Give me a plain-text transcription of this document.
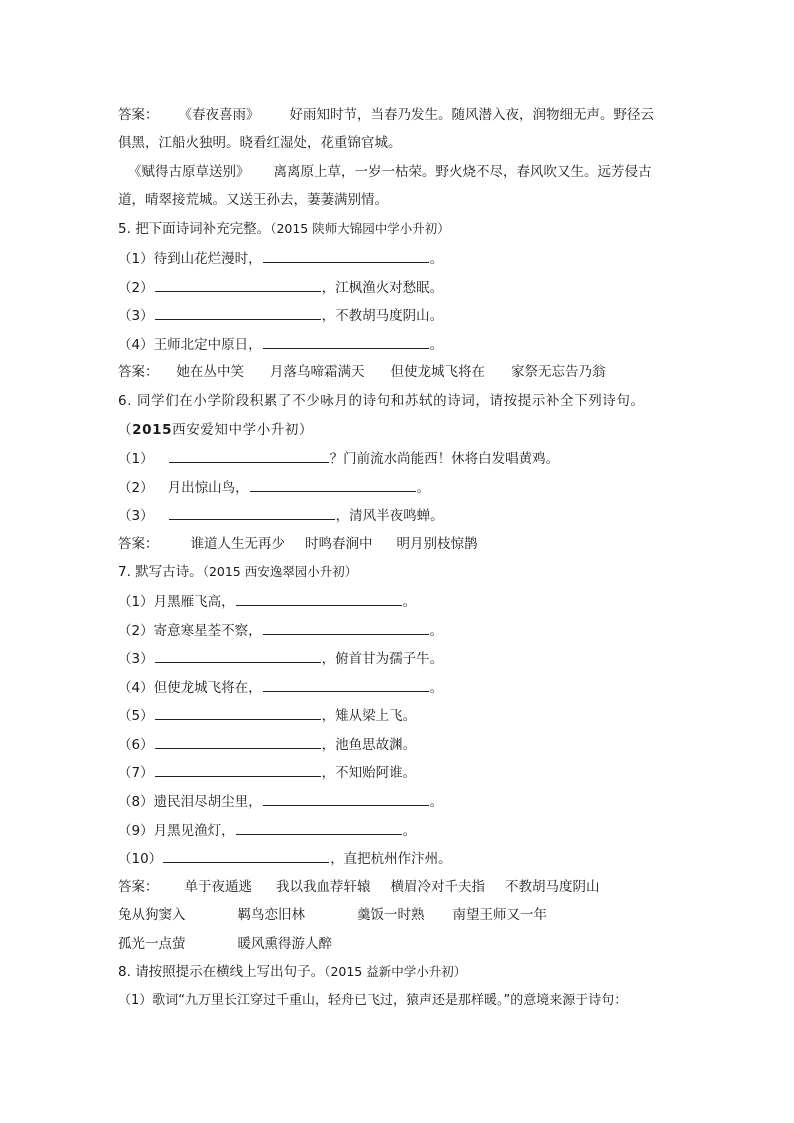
答案： 《春夜喜雨》 好雨知时节，当春乃发生。随风潜入夜，润物细无声。野径云
俱黑，江船火独明。晓看红湿处，花重锦官城。
《赋得古原草送别》 离离原上草，一岁一枯荣。野火烧不尽，春风吹又生。远芳侵古
道，晴翠接荒城。又送王孙去，萋萋满别情。
5. 把下面诗词补充完整。（2015 陕师大锦园中学小升初）
（1）待到山花烂漫时，	。
（2）	，江枫渔火对愁眠。
（3）	，不教胡马度阴山。
（4）王师北定中原日，	。
答案： 她在丛中笑 月落乌啼霜满天 但使龙城飞将在 家祭无忘告乃翁
6. 同学们在小学阶段积累了不少咏月的诗句和苏轼的诗词，请按提示补全下列诗句。（2015西安爱知中学小升初）
（1）	？门前流水尚能西！休将白发唱黄鸡。
（2） 月出惊山鸟，	。
（3）	，清风半夜鸣蝉。
答案： 谁道人生无再少 时鸣春涧中 明月别枝惊鹊
7. 默写古诗。（2015 西安逸翠园小升初）
（1）月黑雁飞高，	。
（2）寄意寒星荃不察，	。
（3）	，俯首甘为孺子牛。
（4）但使龙城飞将在，	。
（5）	，雉从梁上飞。
（6）	，池鱼思故渊。
（7）	，不知贻阿谁。
（8）遗民泪尽胡尘里，	。
（9）月黑见渔灯，	。
（10）	，直把杭州作汴州。
答案： 单于夜遁逃 我以我血荐轩辕 横眉冷对千夫指 不教胡马度阴山
兔从狗窦入	羁鸟恋旧林	羹饭一时熟 南望王师又一年
孤光一点萤	暖风熏得游人醉
8. 请按照提示在横线上写出句子。（2015 益新中学小升初）
（1）歌词“九万里长江穿过千重山，轻舟已飞过，猿声还是那样暖。”的意境来源于诗句：
